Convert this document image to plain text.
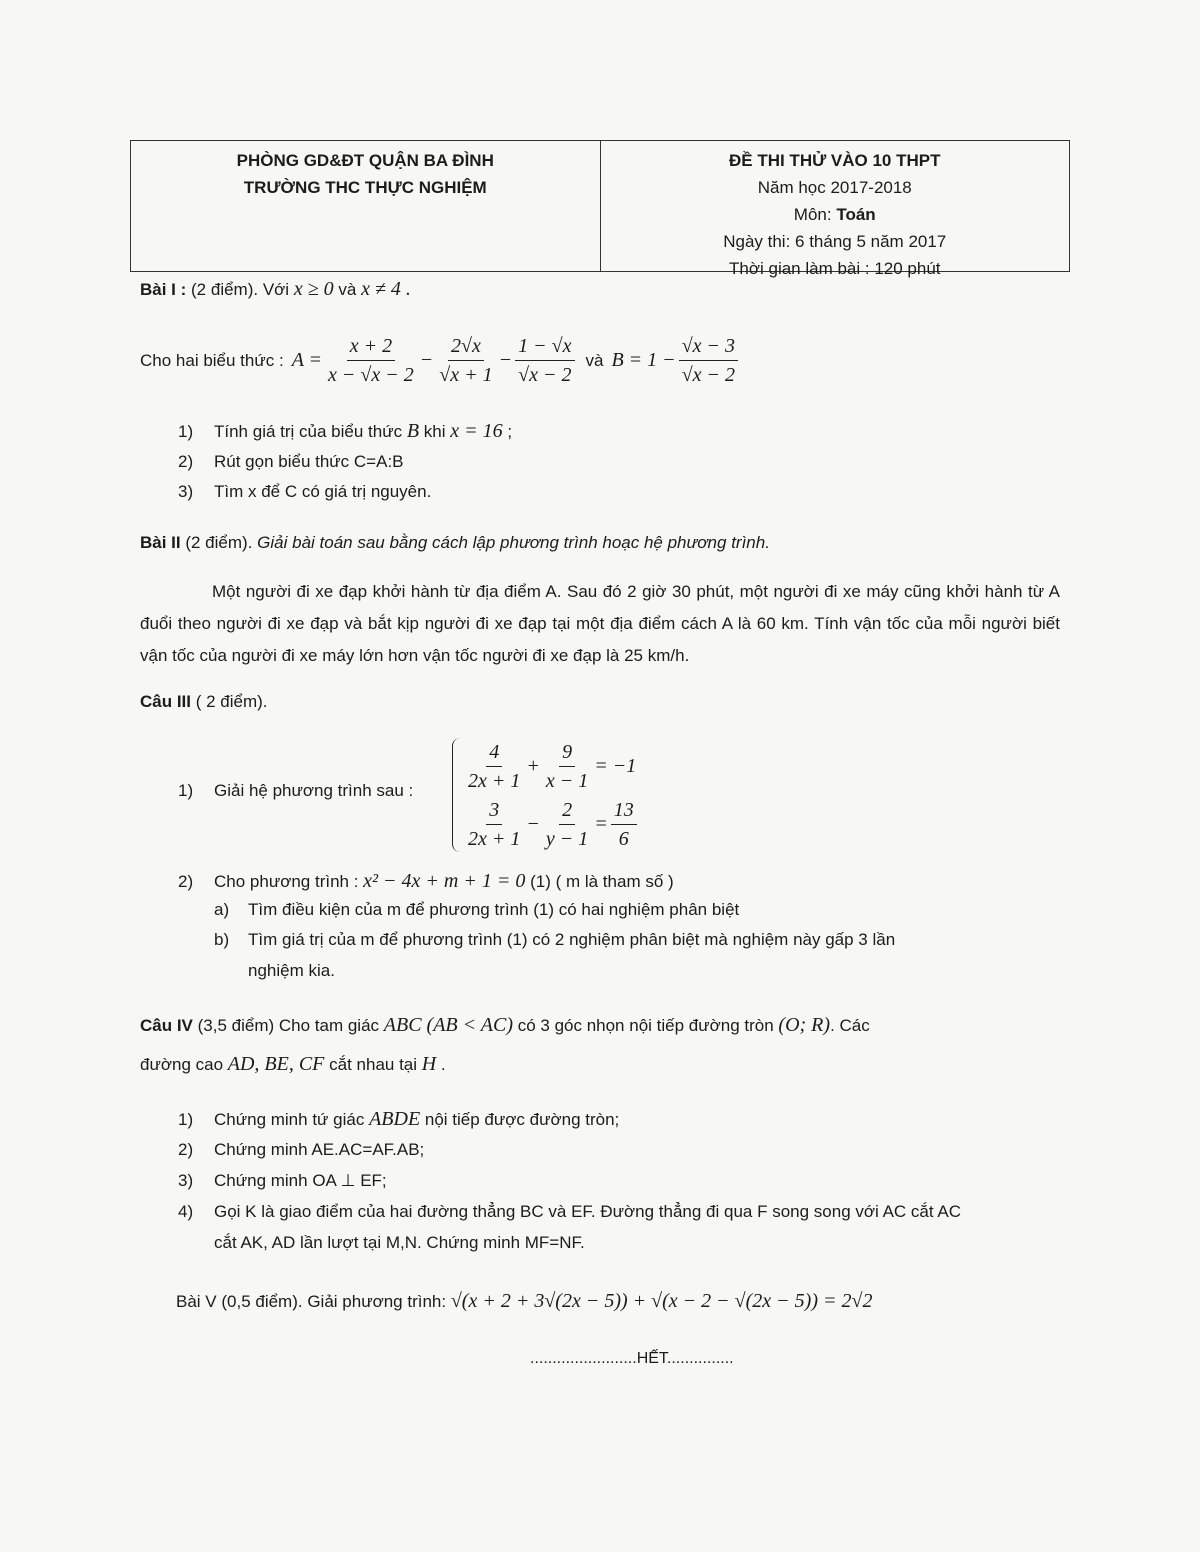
PHÒNG GD&ĐT QUẬN BA ĐÌNH
TRƯỜNG THC THỰC NGHIỆM
ĐỀ THI THỬ VÀO 10 THPT
Năm học 2017-2018
Môn: Toán
Ngày thi: 6 tháng 5 năm 2017
Thời gian làm bài : 120 phút
Bài I : (2 điểm). Với x ≥ 0 và x ≠ 4 .
Cho hai biểu thức : $A = \frac{x + 2}{x - √x - 2} - \frac{2√x}{√x + 1} - \frac{1 - √x}{√x - 2}$ và $B = 1 - \frac{√x - 3}{√x - 2}$
1) Tính giá trị của biểu thức B khi x = 16 ;
2) Rút gọn biểu thức C=A:B
3) Tìm x để C có giá trị nguyên.
Bài II (2 điểm). Giải bài toán sau bằng cách lập phương trình hoạc hệ phương trình.
Một người đi xe đạp khởi hành từ địa điểm A. Sau đó 2 giờ 30 phút, một người đi xe máy cũng khởi hành từ A đuổi theo người đi xe đạp và bắt kịp người đi xe đạp tại một địa điểm cách A là 60 km. Tính vận tốc của mỗi người biết vận tốc của người đi xe máy lớn hơn vận tốc người đi xe đạp là 25 km/h.
Câu III ( 2 điểm).
1) Giải hệ phương trình sau :	$\frac{4}{2x + 1} + \frac{9}{x - 1} = -1$
$\frac{3}{2x + 1} - \frac{2}{y - 1} = \frac{13}{6}$
2) Cho phương trình : x² − 4x + m + 1 = 0 (1) ( m là tham số )
a) Tìm điều kiện của m để phương trình (1) có hai nghiệm phân biệt
b) Tìm giá trị của m để phương trình (1) có 2 nghiệm phân biệt mà nghiệm này gấp 3 lần
nghiệm kia.
Câu IV (3,5 điểm) Cho tam giác ABC (AB < AC) có 3 góc nhọn nội tiếp đường tròn (O; R). Các
đường cao AD, BE, CF cắt nhau tại H .
1) Chứng minh tứ giác ABDE nội tiếp được đường tròn;
2) Chứng minh AE.AC=AF.AB;
3) Chứng minh OA ⊥ EF;
4) Gọi K là giao điểm của hai đường thẳng BC và EF. Đường thẳng đi qua F song song với AC cắt AC
cắt AK, AD lần lượt tại M,N. Chứng minh MF=NF.
Bài V (0,5 điểm). Giải phương trình: √(x + 2 + 3√(2x − 5)) + √(x − 2 − √(2x − 5)) = 2√2
........................HẾT...............
